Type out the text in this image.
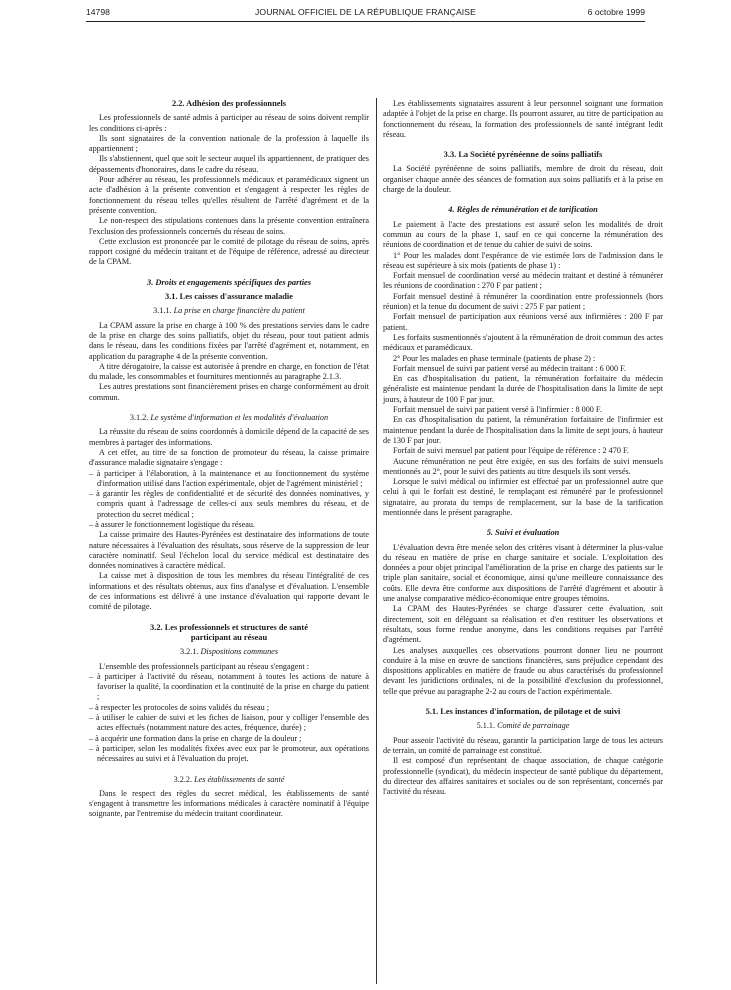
14798	JOURNAL OFFICIEL DE LA RÉPUBLIQUE FRANÇAISE	6 octobre 1999
2.2. Adhésion des professionnels

Les professionnels de santé admis à participer au réseau de soins doivent remplir les conditions ci-après :

Ils sont signataires de la convention nationale de la profession à laquelle ils appartiennent ;

Ils s'abstiennent, quel que soit le secteur auquel ils appartiennent, de pratiquer des dépassements d'honoraires, dans le cadre du réseau.

Pour adhérer au réseau, les professionnels médicaux et paramédicaux signent un acte d'adhésion à la présente convention et s'engagent à respecter les règles de fonctionnement du réseau telles qu'elles résultent de l'arrêté d'agrément et de la présente convention.

Le non-respect des stipulations contenues dans la présente convention entraînera l'exclusion des professionnels concernés du réseau de soins.

Cette exclusion est prononcée par le comité de pilotage du réseau de soins, après rapport cosigné du médecin traitant et de l'équipe de référence, adressé au directeur de la CPAM.

3. Droits et engagements spécifiques des parties
3.1. Les caisses d'assurance maladie
3.1.1. La prise en charge financière du patient

La CPAM assure la prise en charge à 100 % des prestations servies dans le cadre de la prise en charge des soins palliatifs, objet du réseau, pour tout patient admis dans le réseau, dans les conditions fixées par l'arrêté d'agrément et, notamment, en application du paragraphe 4 de la présente convention.

A titre dérogatoire, la caisse est autorisée à prendre en charge, en fonction de l'état du malade, les consommables et fournitures mentionnés au paragraphe 2.1.3.

Les autres prestations sont financièrement prises en charge conformément au droit commun.

3.1.2. Le système d'information et les modalités d'évaluation

La réussite du réseau de soins coordonnés à domicile dépend de la capacité de ses membres à partager des informations.

A cet effet, au titre de sa fonction de promoteur du réseau, la caisse primaire d'assurance maladie signataire s'engage :

– à participer à l'élaboration, à la maintenance et au fonctionnement du système d'information utilisé dans l'action expérimentale, objet de l'agrément ministériel ;
– à garantir les règles de confidentialité et de sécurité des données nominatives, y compris quant à l'adressage de celles-ci aux seuls membres du réseau, et de protection du secret médical ;
– à assurer le fonctionnement logistique du réseau.

La caisse primaire des Hautes-Pyrénées est destinataire des informations de toute nature nécessaires à l'évaluation des résultats, sous réserve de la suppression de leur caractère nominatif. Seul l'échelon local du service médical est destinataire des données nominatives à caractère médical.

La caisse met à disposition de tous les membres du réseau l'intégralité de ces informations et des résultats obtenus, aux fins d'analyse et d'évaluation. L'ensemble de ces informations est délivré à une instance d'évaluation qui rapporte devant le comité de pilotage.

3.2. Les professionnels et structures de santé
participant au réseau
3.2.1. Dispositions communes

L'ensemble des professionnels participant au réseau s'engagent :

– à participer à l'activité du réseau, notamment à toutes les actions de nature à favoriser la qualité, la coordination et la continuité de la prise en charge du patient ;
– à respecter les protocoles de soins validés du réseau ;
– à utiliser le cahier de suivi et les fiches de liaison, pour y colliger l'ensemble des actes effectués (notamment nature des actes, fréquence, durée) ;
– à acquérir une formation dans la prise en charge de la douleur ;
– à participer, selon les modalités fixées avec eux par le promoteur, aux opérations nécessaires au suivi et à l'évaluation du projet.
3.2.2. Les établissements de santé

Dans le respect des règles du secret médical, les établissements de santé s'engagent à transmettre les informations médicales à caractère nominatif à l'équipe soignante, par l'entremise du médecin traitant coordinateur.

Les établissements signataires assurent à leur personnel soignant une formation adaptée à l'objet de la prise en charge. Ils pourront assurer, au titre de participation au fonctionnement du réseau, la formation des professionnels de santé intégrant ledit réseau.

3.3. La Société pyrénéenne de soins palliatifs

La Société pyrénéenne de soins palliatifs, membre de droit du réseau, doit organiser chaque année des séances de formation aux soins palliatifs et à la prise en charge de la douleur.

4. Règles de rémunération et de tarification

Le paiement à l'acte des prestations est assuré selon les modalités de droit commun au cours de la phase 1, sauf en ce qui concerne la rémunération des réunions de coordination et de tenue du cahier de suivi de soins.

1° Pour les malades dont l'espérance de vie estimée lors de l'admission dans le réseau est supérieure à six mois (patients de phase 1) :

Forfait mensuel de coordination versé au médecin traitant et destiné à rémunérer les réunions de coordination : 270 F par patient ;

Forfait mensuel destiné à rémunérer la coordination entre professionnels (hors réunion) et la tenue du document de suivi : 275 F par patient ;

Forfait mensuel de participation aux réunions versé aux infirmières : 200 F par patient.

Les forfaits susmentionnés s'ajoutent à la rémunération de droit commun des actes médicaux et paramédicaux.

2° Pour les malades en phase terminale (patients de phase 2) :

Forfait mensuel de suivi par patient versé au médecin traitant : 6 000 F.

En cas d'hospitalisation du patient, la rémunération forfaitaire du médecin généraliste est maintenue pendant la durée de l'hospitalisation dans la limite de sept jours, à hauteur de 100 F par jour.

Forfait mensuel de suivi par patient versé à l'infirmier : 8 000 F.

En cas d'hospitalisation du patient, la rémunération forfaitaire de l'infirmier est maintenue pendant la durée de l'hospitalisation dans la limite de sept jours, à hauteur de 130 F par jour.

Forfait de suivi mensuel par patient pour l'équipe de référence : 2 470 F.

Aucune rémunération ne peut être exigée, en sus des forfaits de suivi mensuels mentionnés au 2°, pour le suivi des patients au titre desquels ils sont versés.

Lorsque le suivi médical ou infirmier est effectué par un professionnel autre que celui à qui le forfait est destiné, le remplaçant est rémunéré par le professionnel signataire, au prorata du temps de remplacement, sur la base de la tarification mentionnée dans le présent paragraphe.

5. Suivi et évaluation

L'évaluation devra être menée selon des critères visant à déterminer la plus-value du réseau en matière de prise en charge sanitaire et sociale. L'exploitation des données a pour objet principal l'amélioration de la prise en charge des patients sur le triple plan sanitaire, social et économique, ainsi qu'une meilleure connaissance des coûts. Elle devra être conforme aux dispositions de l'arrêté d'agrément et aboutir à une analyse comparative médico-économique entre groupes témoins.

La CPAM des Hautes-Pyrénées se charge d'assurer cette évaluation, soit directement, soit en déléguant sa réalisation et d'en restituer les observations et résultats, sous forme rendue anonyme, dans les conditions requises par l'arrêté d'agrément.

Les analyses auxquelles ces observations pourront donner lieu ne pourront conduire à la mise en œuvre de sanctions financières, sans préjudice cependant des dispositions applicables en matière de fraude ou abus caractérisés du professionnel devant les juridictions ordinales, ni de la possibilité d'exclusion du professionnel, telle que prévue au paragraphe 2-2 au cours de l'action expérimentale.

5.1. Les instances d'information, de pilotage et de suivi
5.1.1. Comité de parrainage

Pour asseoir l'activité du réseau, garantir la participation large de tous les acteurs de terrain, un comité de parrainage est constitué.

Il est composé d'un représentant de chaque association, de chaque catégorie professionnelle (syndicat), du médecin inspecteur de santé publique du département, du directeur des affaires sanitaires et sociales ou de son représentant, concernés par l'activité du réseau.
